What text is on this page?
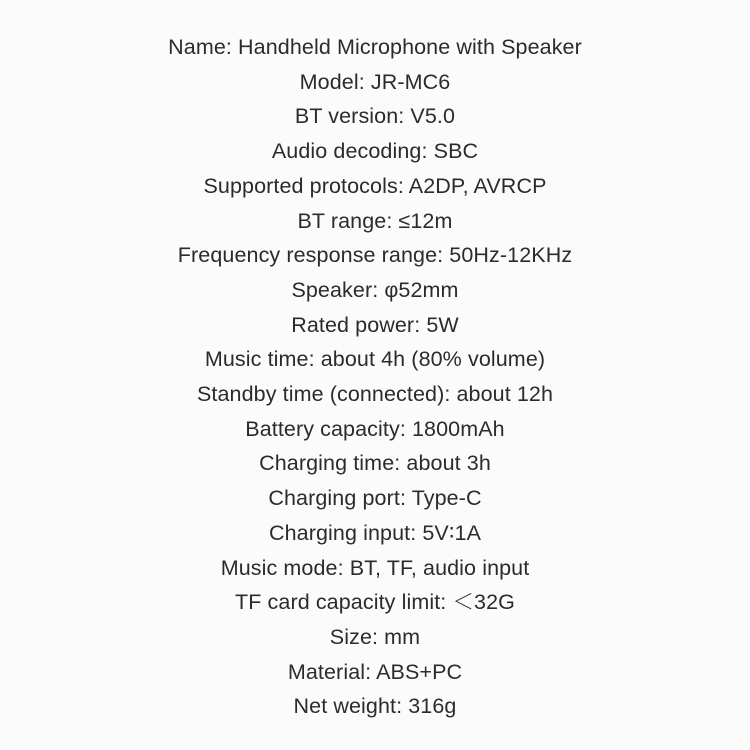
Name: Handheld Microphone with Speaker
Model: JR-MC6
BT version: V5.0
Audio decoding: SBC
Supported protocols: A2DP, AVRCP
BT range: ≤12m
Frequency response range: 50Hz-12KHz
Speaker: φ52mm
Rated power: 5W
Music time: about 4h (80% volume)
Standby time (connected): about 12h
Battery capacity: 1800mAh
Charging time: about 3h
Charging port: Type-C
Charging input: 5V∶1A
Music mode: BT, TF, audio input
TF card capacity limit: ＜32G
Size: mm
Material: ABS+PC
Net weight: 316g
